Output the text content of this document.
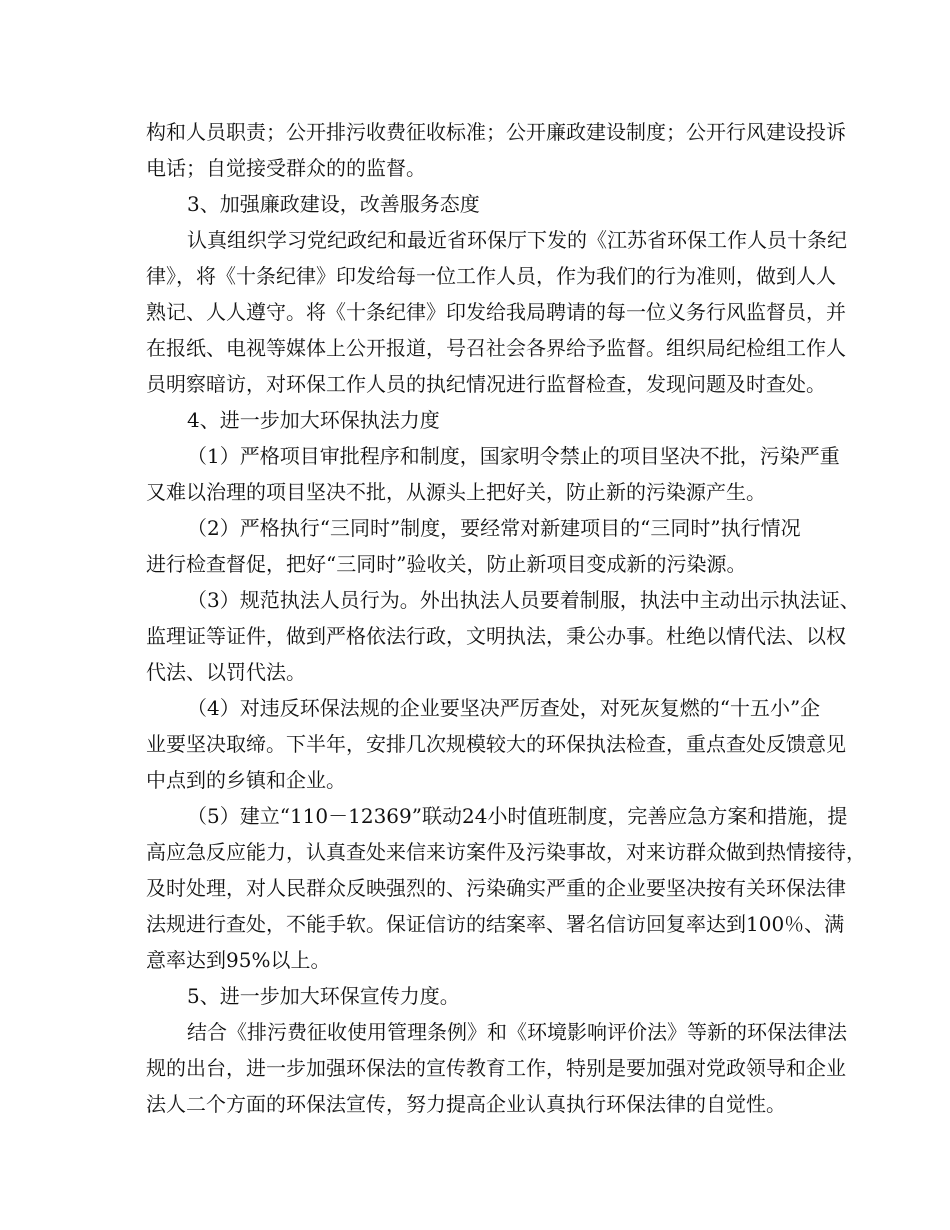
构和人员职责；公开排污收费征收标准；公开廉政建设制度；公开行风建设投诉
电话；自觉接受群众的的监督。
3、加强廉政建设，改善服务态度
认真组织学习党纪政纪和最近省环保厅下发的《江苏省环保工作人员十条纪
律》，将《十条纪律》印发给每一位工作人员，作为我们的行为准则，做到人人
熟记、人人遵守。将《十条纪律》印发给我局聘请的每一位义务行风监督员，并
在报纸、电视等媒体上公开报道，号召社会各界给予监督。组织局纪检组工作人
员明察暗访，对环保工作人员的执纪情况进行监督检查，发现问题及时查处。
4、进一步加大环保执法力度
（1）严格项目审批程序和制度，国家明令禁止的项目坚决不批，污染严重
又难以治理的项目坚决不批，从源头上把好关，防止新的污染源产生。
（2）严格执行“三同时”制度，要经常对新建项目的“三同时”执行情况
进行检查督促，把好“三同时”验收关，防止新项目变成新的污染源。
（3）规范执法人员行为。外出执法人员要着制服，执法中主动出示执法证、
监理证等证件，做到严格依法行政，文明执法，秉公办事。杜绝以情代法、以权
代法、以罚代法。
（4）对违反环保法规的企业要坚决严厉查处，对死灰复燃的“十五小”企
业要坚决取缔。下半年，安排几次规模较大的环保执法检查，重点查处反馈意见
中点到的乡镇和企业。
（5）建立“110－12369”联动24小时值班制度，完善应急方案和措施，提
高应急反应能力，认真查处来信来访案件及污染事故，对来访群众做到热情接待，
及时处理，对人民群众反映强烈的、污染确实严重的企业要坚决按有关环保法律
法规进行查处，不能手软。保证信访的结案率、署名信访回复率达到100％、满
意率达到95%以上。
5、进一步加大环保宣传力度。
结合《排污费征收使用管理条例》和《环境影响评价法》等新的环保法律法
规的出台，进一步加强环保法的宣传教育工作，特别是要加强对党政领导和企业
法人二个方面的环保法宣传，努力提高企业认真执行环保法律的自觉性。
